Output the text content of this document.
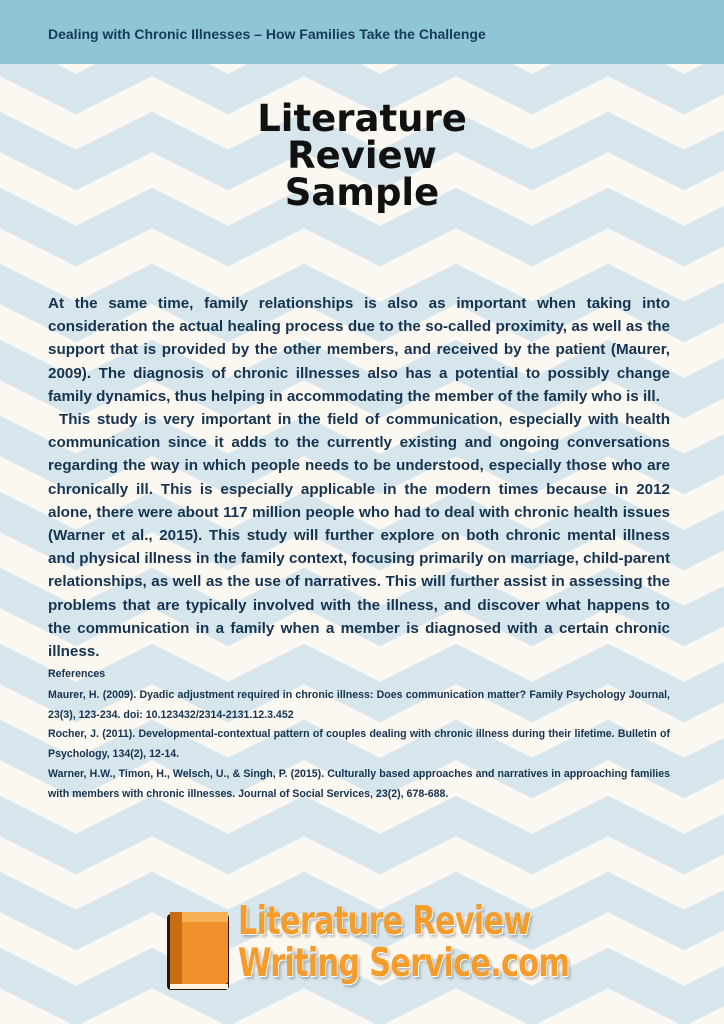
Dealing with Chronic Illnesses – How Families Take the Challenge
Literature
Review
Sample

At the same time, family relationships is also as important when taking into consideration the actual healing process due to the so-called proximity, as well as the support that is provided by the other members, and received by the patient (Maurer, 2009). The diagnosis of chronic illnesses also has a potential to possibly change family dynamics, thus helping in accommodating the member of the family who is ill.

This study is very important in the field of communication, especially with health communication since it adds to the currently existing and ongoing conversations regarding the way in which people needs to be understood, especially those who are chronically ill. This is especially applicable in the modern times because in 2012 alone, there were about 117 million people who had to deal with chronic health issues (Warner et al., 2015). This study will further explore on both chronic mental illness and physical illness in the family context, focusing primarily on marriage, child-parent relationships, as well as the use of narratives. This will further assist in assessing the problems that are typically involved with the illness, and discover what happens to the communication in a family when a member is diagnosed with a certain chronic illness.

References

Maurer, H. (2009). Dyadic adjustment required in chronic illness: Does communication matter? Family Psychology Journal, 23(3), 123-234. doi: 10.123432/2314-2131.12.3.452

Rocher, J. (2011). Developmental-contextual pattern of couples dealing with chronic illness during their lifetime. Bulletin of Psychology, 134(2), 12-14.

Warner, H.W., Timon, H., Welsch, U., & Singh, P. (2015). Culturally based approaches and narratives in approaching families with members with chronic illnesses. Journal of Social Services, 23(2), 678-688.

Literature Review
Writing Service.com
